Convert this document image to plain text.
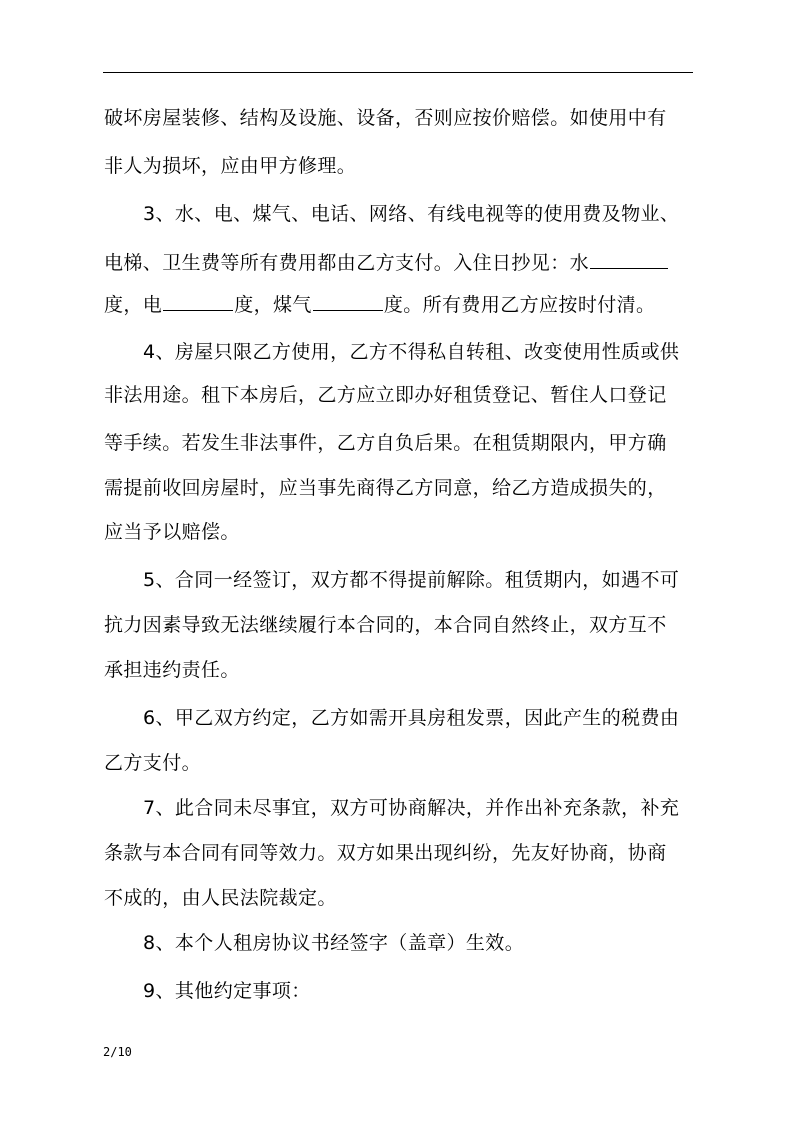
破坏房屋装修、结构及设施、设备，否则应按价赔偿。如使用中有
非人为损坏，应由甲方修理。
3、水、电、煤气、电话、网络、有线电视等的使用费及物业、
电梯、卫生费等所有费用都由乙方支付。入住日抄见：水
度，电	度，煤气	度。所有费用乙方应按时付清。
4、房屋只限乙方使用，乙方不得私自转租、改变使用性质或供
非法用途。租下本房后，乙方应立即办好租赁登记、暂住人口登记
等手续。若发生非法事件，乙方自负后果。在租赁期限内，甲方确
需提前收回房屋时，应当事先商得乙方同意，给乙方造成损失的，
应当予以赔偿。
5、合同一经签订，双方都不得提前解除。租赁期内，如遇不可
抗力因素导致无法继续履行本合同的，本合同自然终止，双方互不
承担违约责任。
6、甲乙双方约定，乙方如需开具房租发票，因此产生的税费由
乙方支付。
7、此合同未尽事宜，双方可协商解决，并作出补充条款，补充
条款与本合同有同等效力。双方如果出现纠纷，先友好协商，协商
不成的，由人民法院裁定。
8、本个人租房协议书经签字（盖章）生效。
9、其他约定事项：
2/10
